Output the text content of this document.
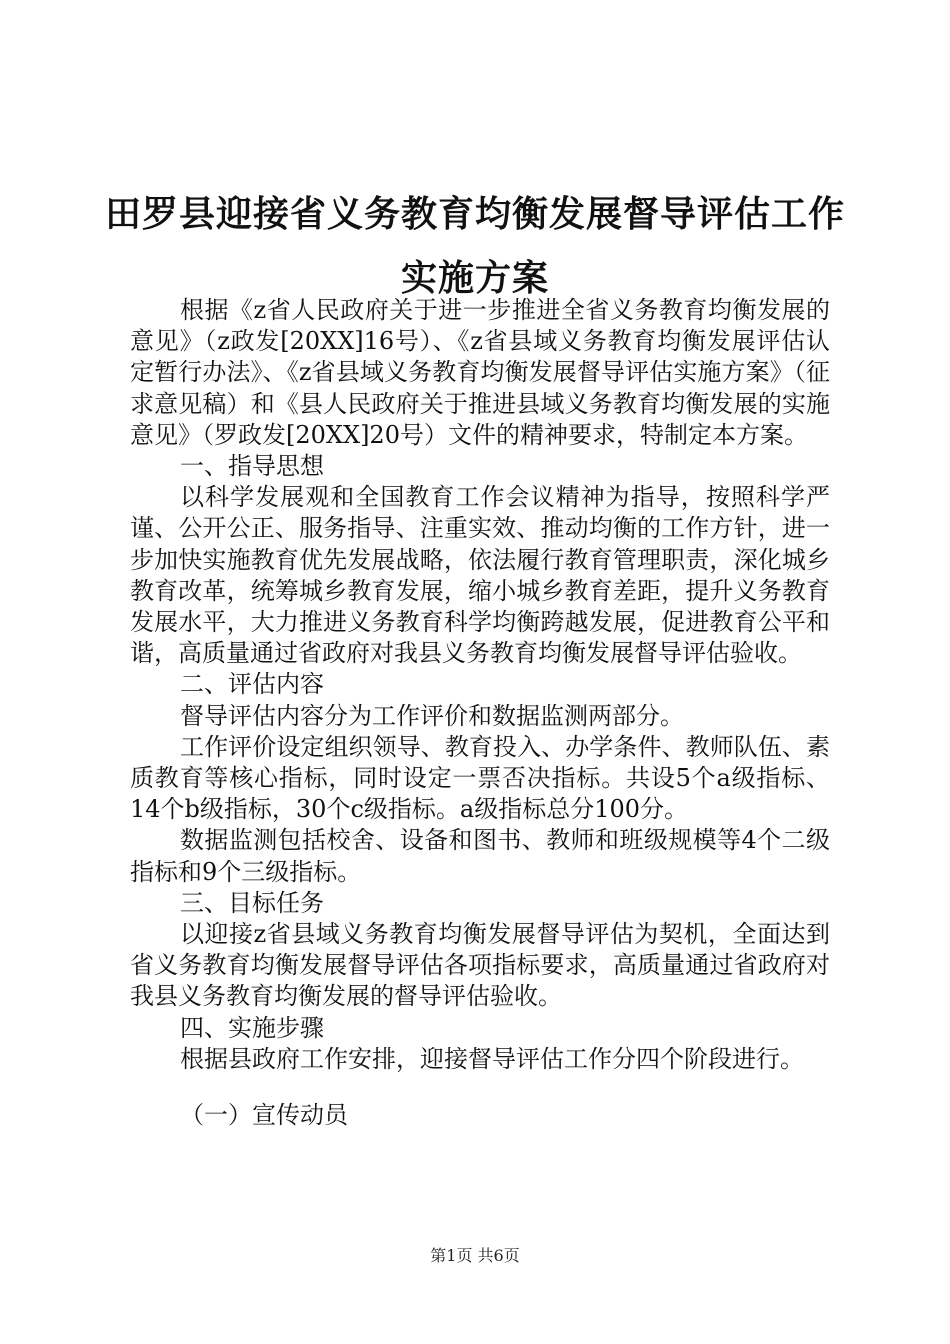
田罗县迎接省义务教育均衡发展督导评估工作
实施方案

根据《z省人民政府关于进一步推进全省义务教育均衡发展的意见》（z政发[20XX]16号）、《z省县域义务教育均衡发展评估认定暂行办法》、《z省县域义务教育均衡发展督导评估实施方案》（征求意见稿）和《县人民政府关于推进县域义务教育均衡发展的实施意见》（罗政发[20XX]20号）文件的精神要求，特制定本方案。

一、指导思想

以科学发展观和全国教育工作会议精神为指导，按照科学严谨、公开公正、服务指导、注重实效、推动均衡的工作方针，进一步加快实施教育优先发展战略，依法履行教育管理职责，深化城乡教育改革，统筹城乡教育发展，缩小城乡教育差距，提升义务教育发展水平，大力推进义务教育科学均衡跨越发展，促进教育公平和谐，高质量通过省政府对我县义务教育均衡发展督导评估验收。

二、评估内容

督导评估内容分为工作评价和数据监测两部分。

工作评价设定组织领导、教育投入、办学条件、教师队伍、素质教育等核心指标，同时设定一票否决指标。共设5个a级指标、14个b级指标，30个c级指标。a级指标总分100分。

数据监测包括校舍、设备和图书、教师和班级规模等4个二级指标和9个三级指标。

三、目标任务

以迎接z省县域义务教育均衡发展督导评估为契机，全面达到省义务教育均衡发展督导评估各项指标要求，高质量通过省政府对我县义务教育均衡发展的督导评估验收。

四、实施步骤

根据县政府工作安排，迎接督导评估工作分四个阶段进行。

（一）宣传动员

第1页 共6页
